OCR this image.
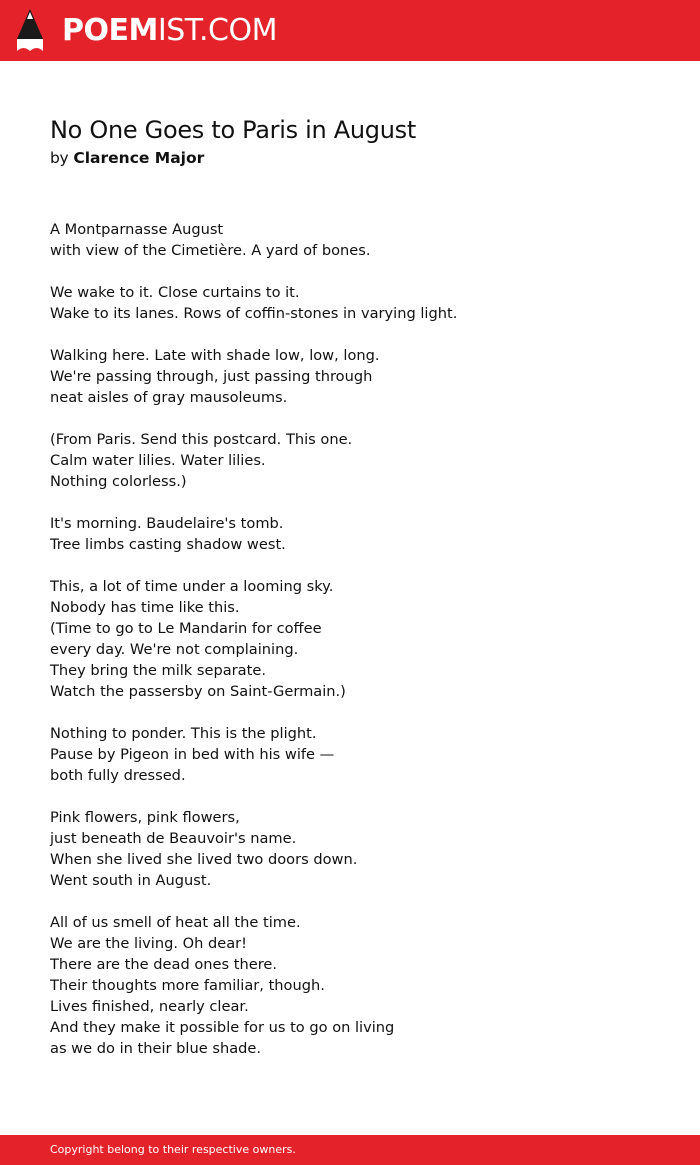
POEMIST.COM
No One Goes to Paris in August
by Clarence Major
A Montparnasse August
with view of the Cimetière. A yard of bones.
We wake to it. Close curtains to it.
Wake to its lanes. Rows of coffin-stones in varying light.
Walking here. Late with shade low, low, long.
We're passing through, just passing through
neat aisles of gray mausoleums.
(From Paris. Send this postcard. This one.
Calm water lilies. Water lilies.
Nothing colorless.)
It's morning. Baudelaire's tomb.
Tree limbs casting shadow west.
This, a lot of time under a looming sky.
Nobody has time like this.
(Time to go to Le Mandarin for coffee
every day. We're not complaining.
They bring the milk separate.
Watch the passersby on Saint-Germain.)
Nothing to ponder. This is the plight.
Pause by Pigeon in bed with his wife —
both fully dressed.
Pink flowers, pink flowers,
just beneath de Beauvoir's name.
When she lived she lived two doors down.
Went south in August.
All of us smell of heat all the time.
We are the living. Oh dear!
There are the dead ones there.
Their thoughts more familiar, though.
Lives finished, nearly clear.
And they make it possible for us to go on living
as we do in their blue shade.
Copyright belong to their respective owners.
